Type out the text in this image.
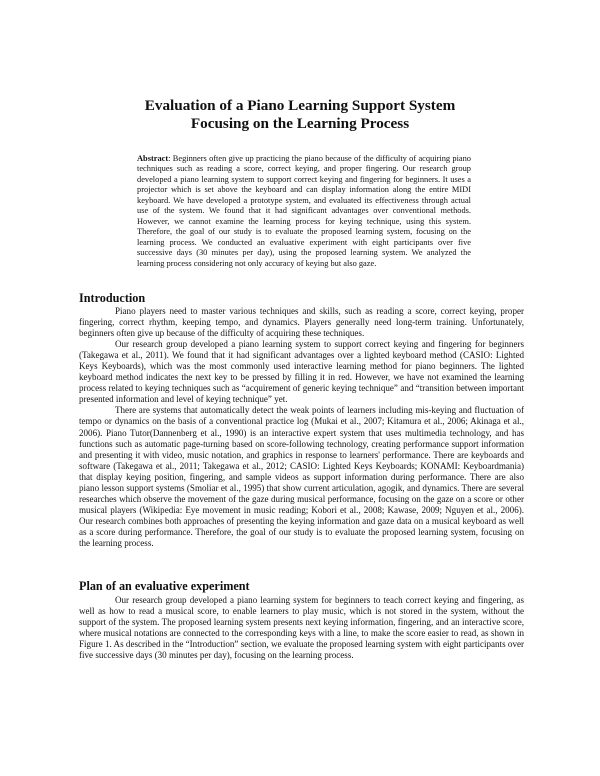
Evaluation of a Piano Learning Support System
Focusing on the Learning Process
Abstract: Beginners often give up practicing the piano because of the difficulty of acquiring piano techniques such as reading a score, correct keying, and proper fingering. Our research group developed a piano learning system to support correct keying and fingering for beginners. It uses a projector which is set above the keyboard and can display information along the entire MIDI keyboard. We have developed a prototype system, and evaluated its effectiveness through actual use of the system. We found that it had significant advantages over conventional methods. However, we cannot examine the learning process for keying technique, using this system. Therefore, the goal of our study is to evaluate the proposed learning system, focusing on the learning process. We conducted an evaluative experiment with eight participants over five successive days (30 minutes per day), using the proposed learning system. We analyzed the learning process considering not only accuracy of keying but also gaze.
Introduction

Piano players need to master various techniques and skills, such as reading a score, correct keying, proper fingering, correct rhythm, keeping tempo, and dynamics. Players generally need long-term training. Unfortunately, beginners often give up because of the difficulty of acquiring these techniques.

Our research group developed a piano learning system to support correct keying and fingering for beginners (Takegawa et al., 2011). We found that it had significant advantages over a lighted keyboard method (CASIO: Lighted Keys Keyboards), which was the most commonly used interactive learning method for piano beginners. The lighted keyboard method indicates the next key to be pressed by filling it in red. However, we have not examined the learning process related to keying techniques such as “acquirement of generic keying technique” and “transition between important presented information and level of keying technique” yet.

There are systems that automatically detect the weak points of learners including mis-keying and fluctuation of tempo or dynamics on the basis of a conventional practice log (Mukai et al., 2007; Kitamura et al., 2006; Akinaga et al., 2006). Piano Tutor(Dannenberg et al., 1990) is an interactive expert system that uses multimedia technology, and has functions such as automatic page-turning based on score-following technology, creating performance support information and presenting it with video, music notation, and graphics in response to learners' performance. There are keyboards and software (Takegawa et al., 2011; Takegawa et al., 2012; CASIO: Lighted Keys Keyboards; KONAMI: Keyboardmania) that display keying position, fingering, and sample videos as support information during performance. There are also piano lesson support systems (Smoliar et al., 1995) that show current articulation, agogik, and dynamics. There are several researches which observe the movement of the gaze during musical performance, focusing on the gaze on a score or other musical players (Wikipedia: Eye movement in music reading; Kobori et al., 2008; Kawase, 2009; Nguyen et al., 2006). Our research combines both approaches of presenting the keying information and gaze data on a musical keyboard as well as a score during performance. Therefore, the goal of our study is to evaluate the proposed learning system, focusing on the learning process.

Plan of an evaluative experiment

Our research group developed a piano learning system for beginners to teach correct keying and fingering, as well as how to read a musical score, to enable learners to play music, which is not stored in the system, without the support of the system. The proposed learning system presents next keying information, fingering, and an interactive score, where musical notations are connected to the corresponding keys with a line, to make the score easier to read, as shown in Figure 1. As described in the “Introduction” section, we evaluate the proposed learning system with eight participants over five successive days (30 minutes per day), focusing on the learning process.
